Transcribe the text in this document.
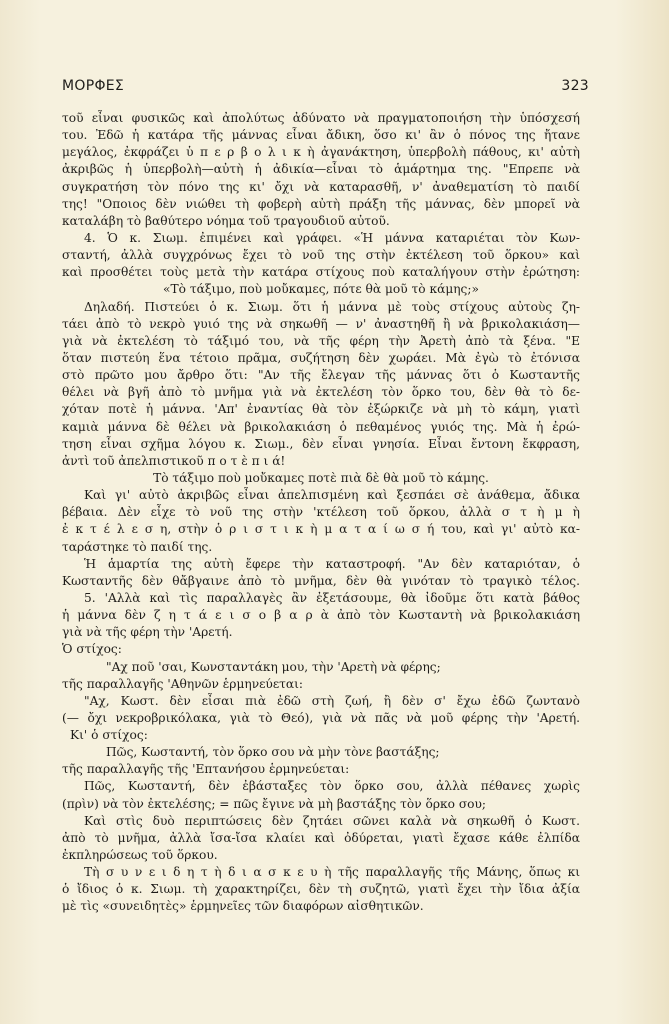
ΜΟΡΦΕΣ	323
τοῦ εἶναι φυσικῶς καὶ ἀπολύτως ἀδύνατο νὰ πραγματοποιήση τὴν ὑπόσχεσή
του. Ἐδῶ ἡ κατάρα τῆς μάννας εἶναι ἄδικη, ὅσο κι' ἂν ὁ πόνος της ἤτανε
μεγάλος, ἐκφράζει ὑ π ε ρ β ο λ ι κ ὴ ἀγανάκτηση, ὑπερβολὴ πάθους, κι' αὐτὴ
ἀκριβῶς ἡ ὑπερβολὴ—αὐτὴ ἡ ἀδικία—εἶναι τὸ ἁμάρτημα της. "Επρεπε νὰ
συγκρατήση τὸν πόνο της κι' ὄχι νὰ καταρασθῆ, ν' ἀναθεματίση τὸ παιδί
της! "Οποιος δὲν νιώθει τὴ φοβερὴ αὐτὴ πράξη τῆς μάννας, δὲν μπορεῖ νὰ
καταλάβη τὸ βαθύτερο νόημα τοῦ τραγουδιοῦ αὐτοῦ.
4. Ὁ κ. Σιωμ. ἐπιμένει καὶ γράφει. «Ἡ μάννα καταριέται τὸν Κων-
σταντή, ἀλλὰ συγχρόνως ἔχει τὸ νοῦ της στὴν ἐκτέλεση τοῦ ὅρκου» καὶ
καὶ προσθέτει τοὺς μετὰ τὴν κατάρα στίχους ποὺ καταλήγουν στὴν ἐρώτηση:
«Τὸ τάξιμο, ποὺ μοὔκαμες, πότε θὰ μοῦ τὸ κάμης;»
Δηλαδή. Πιστεύει ὁ κ. Σιωμ. ὅτι ἡ μάννα μὲ τοὺς στίχους αὐτοὺς ζη-
τάει ἀπὸ τὸ νεκρὸ γυιό της νὰ σηκωθῆ — ν' ἀναστηθῆ ἢ νὰ βρικολακιάση—
γιὰ νὰ ἐκτελέση τὸ τάξιμό του, νὰ τῆς φέρη τὴν Ἀρετὴ ἀπὸ τὰ ξένα. "Ε
ὅταν πιστεύη ἕνα τέτοιο πρᾶμα, συζήτηση δὲν χωράει. Μὰ ἐγὼ τὸ ἐτόνισα
στὸ πρῶτο μου ἄρθρο ὅτι: "Αν τῆς ἔλεγαν τῆς μάννας ὅτι ὁ Κωσταντῆς
θέλει νὰ βγῆ ἀπὸ τὸ μνῆμα γιὰ νὰ ἐκτελέση τὸν ὅρκο του, δὲν θὰ τὸ δε-
χόταν ποτὲ ἡ μάννα. 'Απ' ἐναντίας θὰ τὸν ἐξώρκιζε νὰ μὴ τὸ κάμη, γιατὶ
καμιὰ μάννα δὲ θέλει νὰ βρικολακιάση ὁ πεθαμένος γυιός της. Μὰ ἡ ἐρώ-
τηση εἶναι σχῆμα λόγου κ. Σιωμ., δὲν εἶναι γνησία. Εἶναι ἔντονη ἔκφραση,
ἀντὶ τοῦ ἀπελπιστικοῦ π ο τ ὲ π ι ά!
Τὸ τάξιμο ποὺ μοὔκαμες ποτὲ πιὰ δὲ θὰ μοῦ τὸ κάμης.
Καὶ γι' αὐτὸ ἀκριβῶς εἶναι ἀπελπισμένη καὶ ξεσπάει σὲ ἀνάθεμα, ἄδικα
βέβαια. Δὲν εἶχε τὸ νοῦ της στὴν 'κτέλεση τοῦ ὅρκου, ἀλλὰ σ τ ὴ μ ὴ
ἐ κ τ έ λ ε σ η, στὴν ὁ ρ ι σ τ ι κ ὴ μ α τ α ί ω σ ή του, καὶ γι' αὐτὸ κα-
ταράστηκε τὸ παιδί της.
Ἡ ἁμαρτία της αὐτὴ ἔφερε τὴν καταστροφή. "Αν δὲν καταριόταν, ὁ
Κωσταντῆς δὲν θἄβγαινε ἀπὸ τὸ μνῆμα, δὲν θὰ γινόταν τὸ τραγικὸ τέλος.
5. 'Αλλὰ καὶ τὶς παραλλαγὲς ἂν ἐξετάσουμε, θὰ ἰδοῦμε ὅτι κατὰ βάθος
ἡ μάννα δὲν ζ η τ ά ε ι σ ο β α ρ ὰ ἀπὸ τὸν Κωσταντὴ νὰ βρικολακιάση
γιὰ νὰ τῆς φέρη τὴν 'Αρετή.
Ὁ στίχος:
"Αχ ποῦ 'σαι, Κωνσταντάκη μου, τὴν 'Αρετὴ νὰ φέρης;
τῆς παραλλαγῆς 'Αθηνῶν ἑρμηνεύεται:
"Αχ, Κωστ. δὲν εἶσαι πιὰ ἐδῶ στὴ ζωή, ἢ δὲν σ' ἔχω ἐδῶ ζωντανὸ
(— ὄχι νεκροβρικόλακα, γιὰ τὸ Θεό), γιὰ νὰ πᾶς νὰ μοῦ φέρης τὴν 'Αρετή.
Κι' ὁ στίχος:
Πῶς, Κωσταντή, τὸν ὅρκο σου νὰ μὴν τὸνε βαστάξης;
τῆς παραλλαγῆς τῆς 'Επτανήσου ἑρμηνεύεται:
Πῶς, Κωσταντή, δὲν ἐβάσταξες τὸν ὅρκο σου, ἀλλὰ πέθανες χωρὶς
(πρὶν) νὰ τὸν ἐκτελέσης; = πῶς ἔγινε νὰ μὴ βαστάξης τὸν ὅρκο σου;
Καὶ στὶς δυὸ περιπτώσεις δὲν ζητάει σῶνει καλὰ νὰ σηκωθῆ ὁ Κωστ.
ἀπὸ τὸ μνῆμα, ἀλλὰ ἴσα-ἴσα κλαίει καὶ ὀδύρεται, γιατὶ ἔχασε κάθε ἐλπίδα
ἐκπληρώσεως τοῦ ὅρκου.
Τὴ σ υ ν ε ι δ η τ ὴ δ ι α σ κ ε υ ὴ τῆς παραλλαγῆς τῆς Μάνης, ὅπως κι
ὁ ἴδιος ὁ κ. Σιωμ. τὴ χαρακτηρίζει, δὲν τὴ συζητῶ, γιατὶ ἔχει τὴν ἴδια ἀξία
μὲ τὶς «συνειδητὲς» ἑρμηνεῖες τῶν διαφόρων αἰσθητικῶν.
